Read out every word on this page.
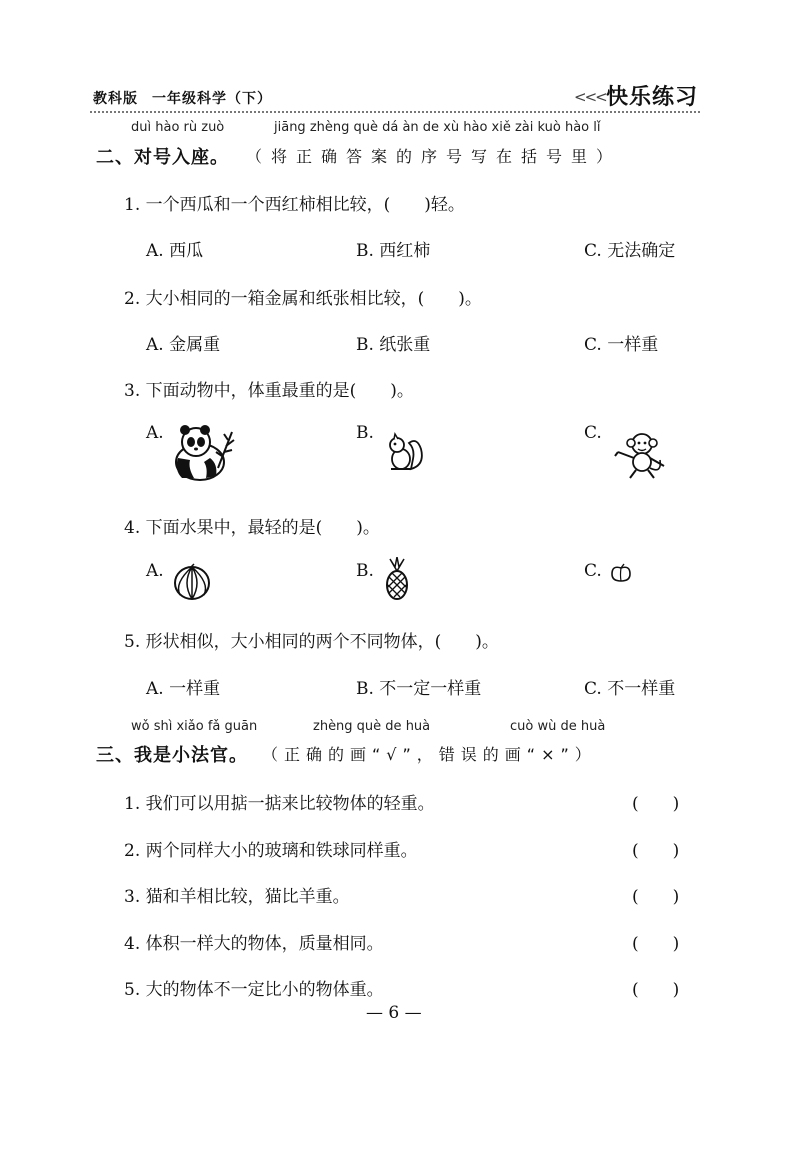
教科版 一年级科学（下）	<<< 快乐练习
duì hào rù zuò	jiāng zhèng què dá àn de xù hào xiě zài kuò hào lǐ
二、对号入座。 （将正确答案的序号写在括号里）
1. 一个西瓜和一个西红柿相比较，(　　)轻。
A. 西瓜	B. 西红柿	C. 无法确定
2. 大小相同的一箱金属和纸张相比较，(　　)。
A. 金属重	B. 纸张重	C. 一样重
3. 下面动物中，体重最重的是(　　)。
A.	B.	C.
4. 下面水果中，最轻的是(　　)。
A.	B.	C.
5. 形状相似，大小相同的两个不同物体，(　　)。
A. 一样重	B. 不一定一样重	C. 不一样重
wǒ shì xiǎo fǎ guān	zhèng què de huà	cuò wù de huà
三、我是小法官。 （正确的画“√”，错误的画“×”）
1. 我们可以用掂一掂来比较物体的轻重。	(　　)
2. 两个同样大小的玻璃和铁球同样重。	(　　)
3. 猫和羊相比较，猫比羊重。	(　　)
4. 体积一样大的物体，质量相同。	(　　)
5. 大的物体不一定比小的物体重。	(　　)
— 6 —
